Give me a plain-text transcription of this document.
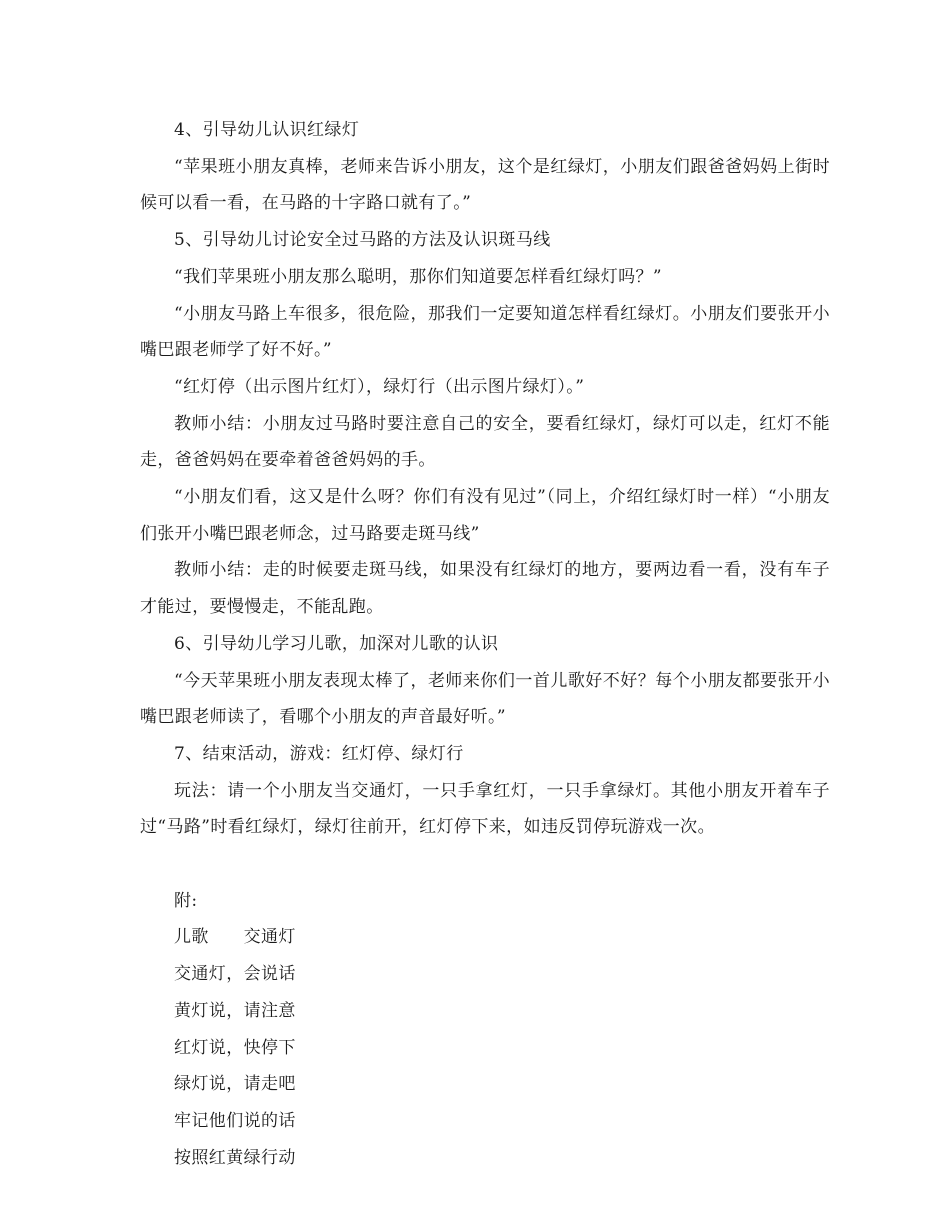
4、引导幼儿认识红绿灯

“苹果班小朋友真棒，老师来告诉小朋友，这个是红绿灯，小朋友们跟爸爸妈妈上街时候可以看一看，在马路的十字路口就有了。”

5、引导幼儿讨论安全过马路的方法及认识斑马线

“我们苹果班小朋友那么聪明，那你们知道要怎样看红绿灯吗？”

“小朋友马路上车很多，很危险，那我们一定要知道怎样看红绿灯。小朋友们要张开小嘴巴跟老师学了好不好。”

“红灯停（出示图片红灯），绿灯行（出示图片绿灯）。”

教师小结：小朋友过马路时要注意自己的安全，要看红绿灯，绿灯可以走，红灯不能走，爸爸妈妈在要牵着爸爸妈妈的手。

“小朋友们看，这又是什么呀？你们有没有见过”（同上，介绍红绿灯时一样）“小朋友们张开小嘴巴跟老师念，过马路要走斑马线”

教师小结：走的时候要走斑马线，如果没有红绿灯的地方，要两边看一看，没有车子才能过，要慢慢走，不能乱跑。

6、引导幼儿学习儿歌，加深对儿歌的认识

“今天苹果班小朋友表现太棒了，老师来你们一首儿歌好不好？每个小朋友都要张开小嘴巴跟老师读了，看哪个小朋友的声音最好听。”

7、结束活动，游戏：红灯停、绿灯行

玩法：请一个小朋友当交通灯，一只手拿红灯，一只手拿绿灯。其他小朋友开着车子过“马路”时看红绿灯，绿灯往前开，红灯停下来，如违反罚停玩游戏一次。

附:

儿歌　　交通灯

交通灯，会说话

黄灯说，请注意

红灯说，快停下

绿灯说，请走吧

牢记他们说的话

按照红黄绿行动
